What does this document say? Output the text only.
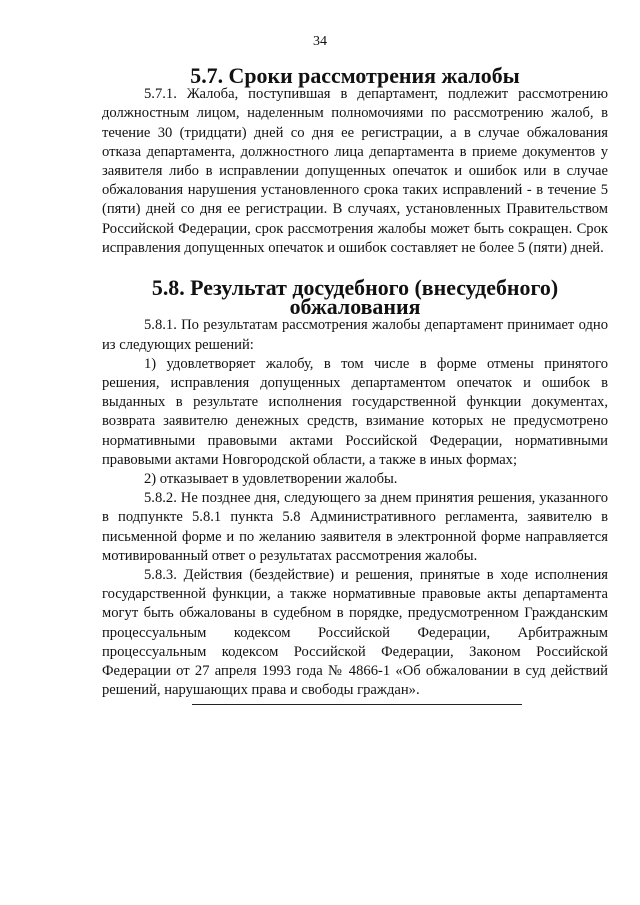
34
5.7. Сроки рассмотрения жалобы

5.7.1. Жалоба, поступившая в департамент, подлежит рассмотрению должностным лицом, наделенным полномочиями по рассмотрению жалоб, в течение 30 (тридцати) дней со дня ее регистрации, а в случае обжалования отказа департамента, должностного лица департамента в приеме документов у заявителя либо в исправлении допущенных опечаток и ошибок или в случае обжалования нарушения установленного срока таких исправлений - в течение 5 (пяти) дней со дня ее регистрации. В случаях, установленных Правительством Российской Федерации, срок рассмотрения жалобы может быть сокращен. Срок исправления допущенных опечаток и ошибок составляет не более 5 (пяти) дней.

5.8. Результат досудебного (внесудебного) обжалования

5.8.1. По результатам рассмотрения жалобы департамент принимает одно из следующих решений:

1) удовлетворяет жалобу, в том числе в форме отмены принятого решения, исправления допущенных департаментом опечаток и ошибок в выданных в результате исполнения государственной функции документах, возврата заявителю денежных средств, взимание которых не предусмотрено нормативными правовыми актами Российской Федерации, нормативными правовыми актами Новгородской области, а также в иных формах;

2) отказывает в удовлетворении жалобы.

5.8.2. Не позднее дня, следующего за днем принятия решения, указанного в подпункте 5.8.1 пункта 5.8 Административного регламента, заявителю в письменной форме и по желанию заявителя в электронной форме направляется мотивированный ответ о результатах рассмотрения жалобы.

5.8.3. Действия (бездействие) и решения, принятые в ходе исполнения государственной функции, а также нормативные правовые акты департамента могут быть обжалованы в судебном в порядке, предусмотренном Гражданским процессуальным кодексом Российской Федерации, Арбитражным процессуальным кодексом Российской Федерации, Законом Российской Федерации от 27 апреля 1993 года № 4866-1 «Об обжаловании в суд действий решений, нарушающих права и свободы граждан».
